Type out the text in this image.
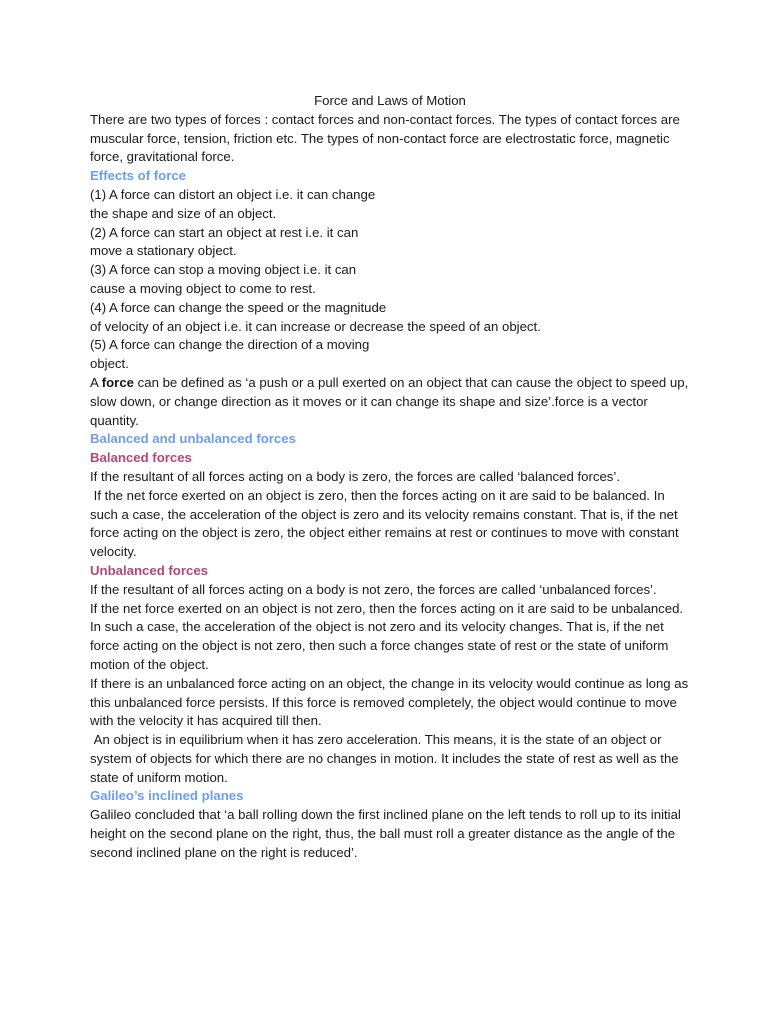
Force and Laws of Motion

There are two types of forces : contact forces and non-contact forces. The types of contact forces are muscular force, tension, friction etc. The types of non-contact force are electrostatic force, magnetic force, gravitational force.

Effects of force

(1) A force can distort an object i.e. it can change

the shape and size of an object.

(2) A force can start an object at rest i.e. it can

move a stationary object.

(3) A force can stop a moving object i.e. it can

cause a moving object to come to rest.

(4) A force can change the speed or the magnitude

of velocity of an object i.e. it can increase or decrease the speed of an object.

(5) A force can change the direction of a moving

object.

A force can be defined as ‘a push or a pull exerted on an object that can cause the object to speed up, slow down, or change direction as it moves or it can change its shape and size’.force is a vector quantity.

Balanced and unbalanced forces

Balanced forces

If the resultant of all forces acting on a body is zero, the forces are called ‘balanced forces’.

If the net force exerted on an object is zero, then the forces acting on it are said to be balanced. In such a case, the acceleration of the object is zero and its velocity remains constant. That is, if the net force acting on the object is zero, the object either remains at rest or continues to move with constant velocity.

Unbalanced forces

If the resultant of all forces acting on a body is not zero, the forces are called ‘unbalanced forces’.

If the net force exerted on an object is not zero, then the forces acting on it are said to be unbalanced. In such a case, the acceleration of the object is not zero and its velocity changes. That is, if the net force acting on the object is not zero, then such a force changes state of rest or the state of uniform motion of the object.

If there is an unbalanced force acting on an object, the change in its velocity would continue as long as this unbalanced force persists. If this force is removed completely, the object would continue to move with the velocity it has acquired till then.

An object is in equilibrium when it has zero acceleration. This means, it is the state of an object or system of objects for which there are no changes in motion. It includes the state of rest as well as the state of uniform motion.

Galileo’s inclined planes

Galileo concluded that ‘a ball rolling down the first inclined plane on the left tends to roll up to its initial height on the second plane on the right, thus, the ball must roll a greater distance as the angle of the second inclined plane on the right is reduced’.
